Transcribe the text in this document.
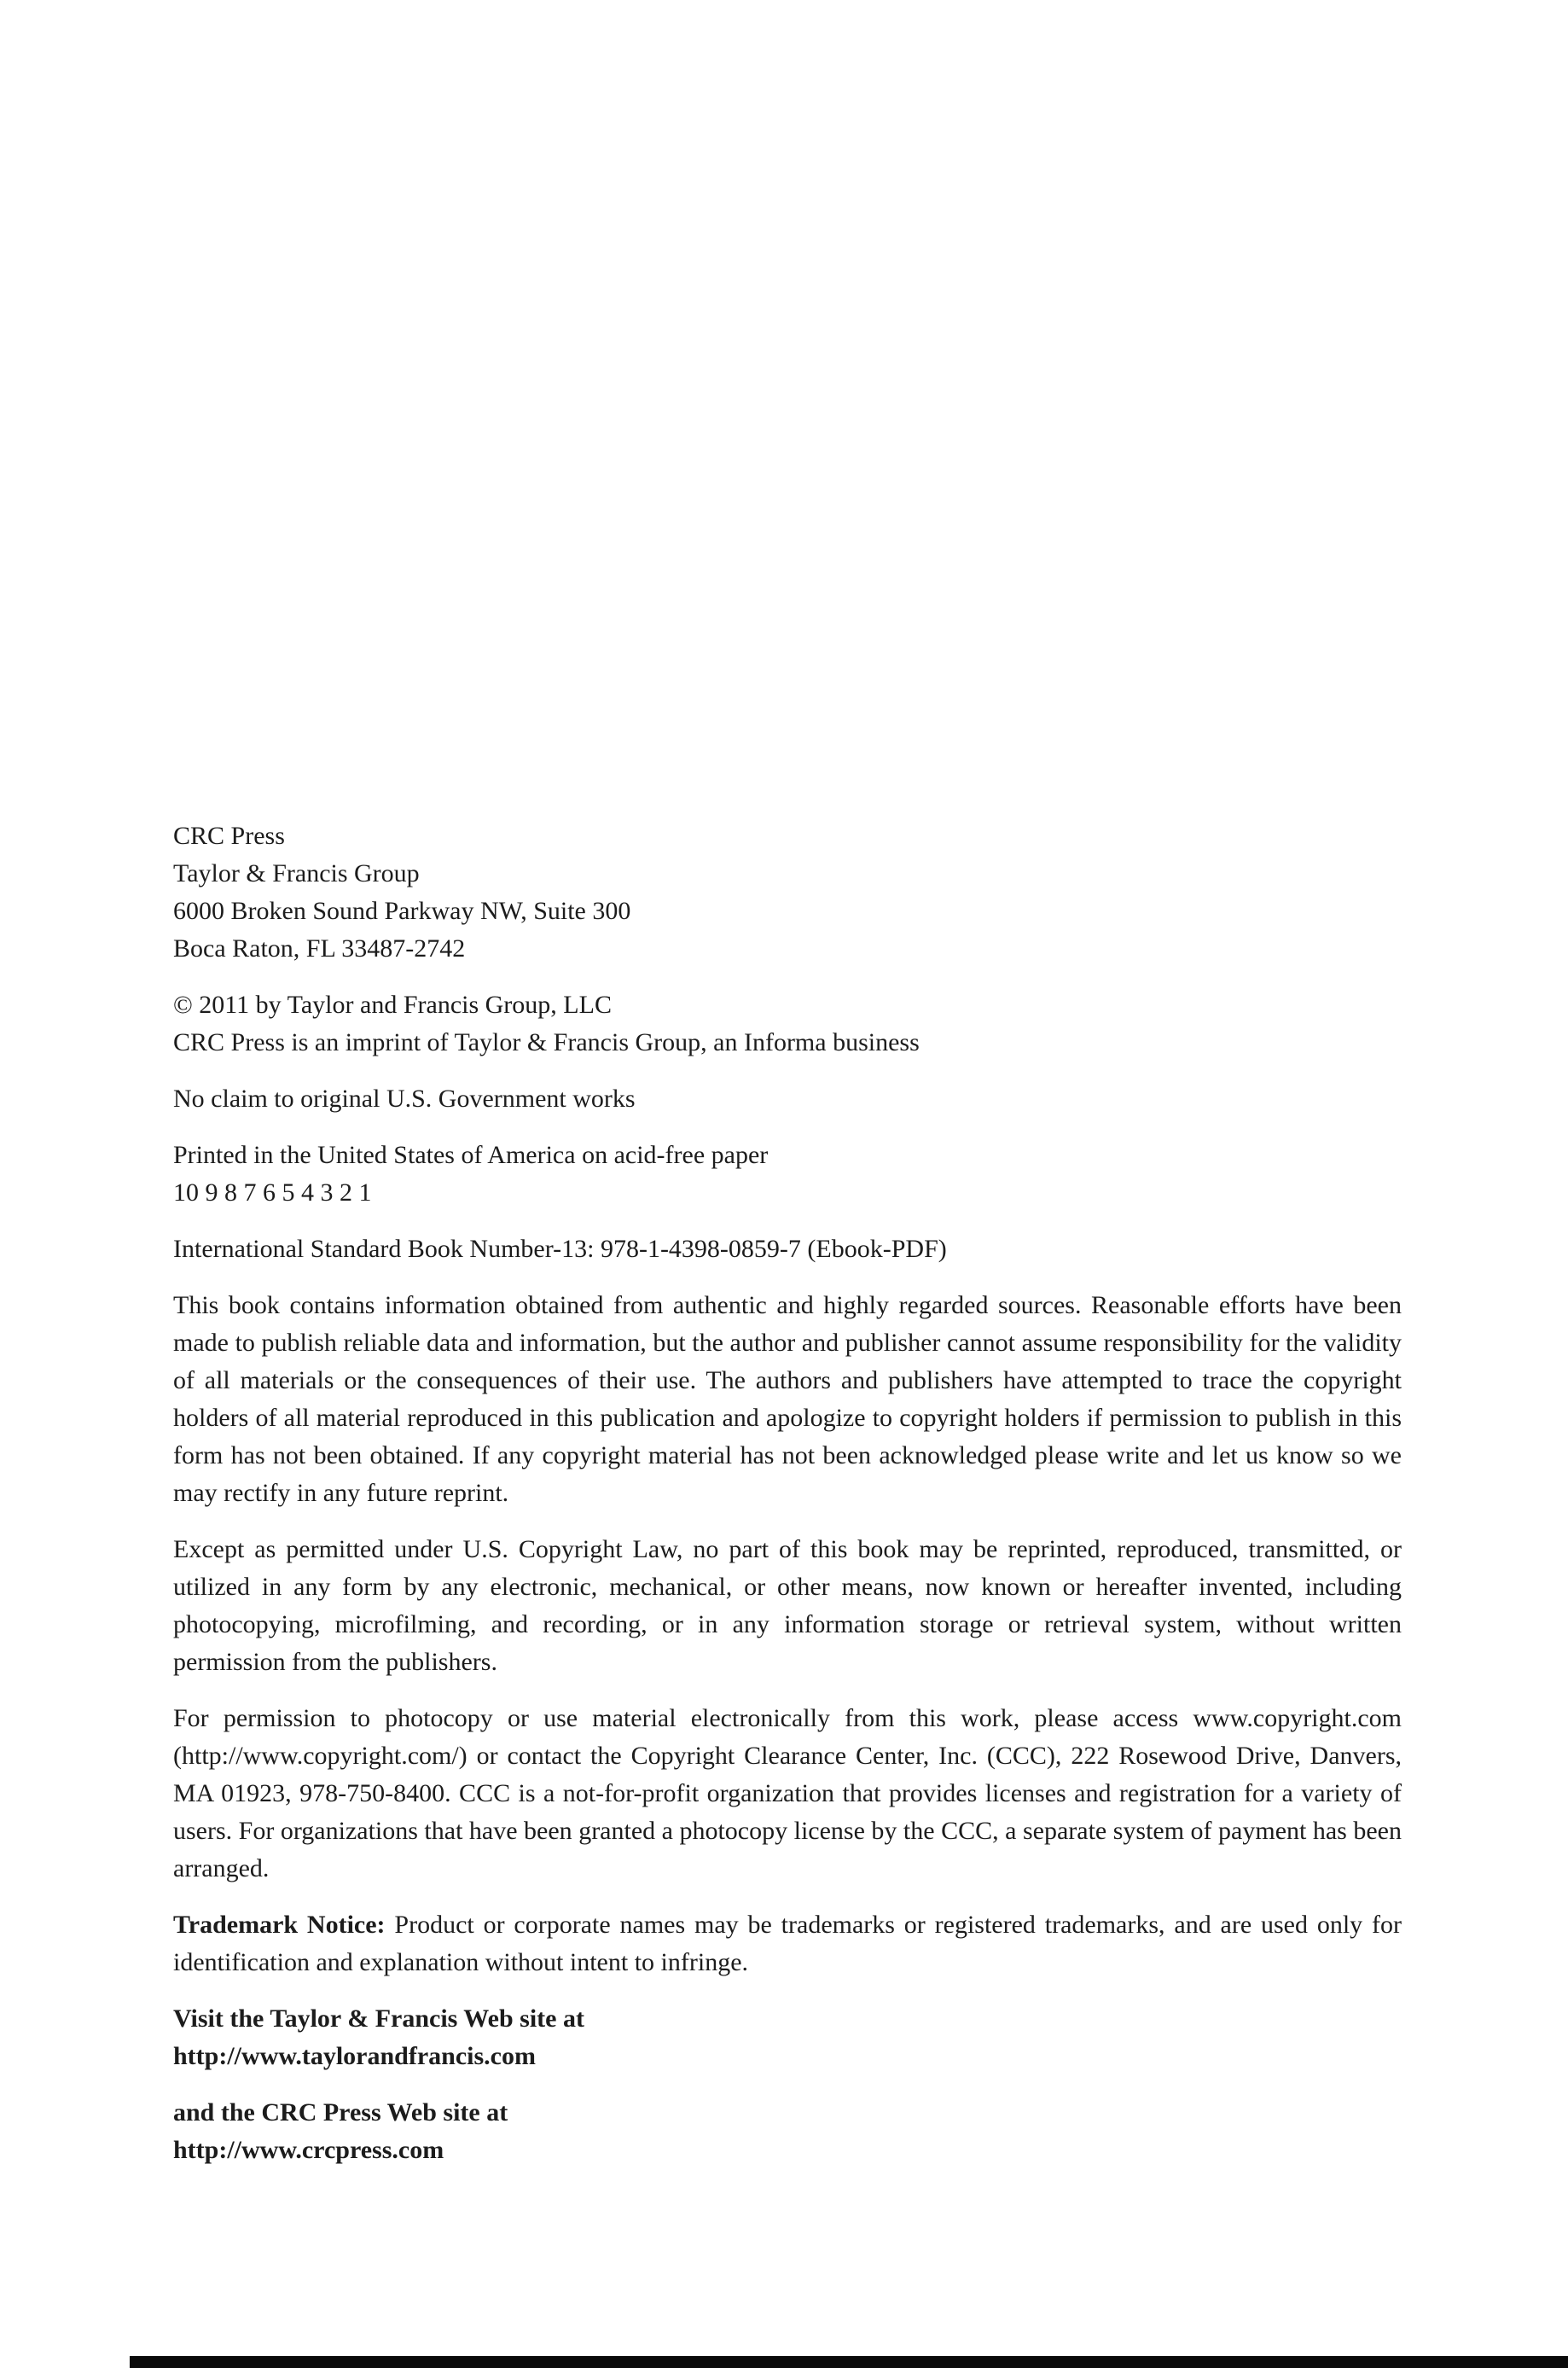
CRC Press
Taylor & Francis Group
6000 Broken Sound Parkway NW, Suite 300
Boca Raton, FL 33487-2742
© 2011 by Taylor and Francis Group, LLC
CRC Press is an imprint of Taylor & Francis Group, an Informa business
No claim to original U.S. Government works
Printed in the United States of America on acid-free paper
10 9 8 7 6 5 4 3 2 1
International Standard Book Number-13: 978-1-4398-0859-7 (Ebook-PDF)

This book contains information obtained from authentic and highly regarded sources. Reasonable efforts have been made to publish reliable data and information, but the author and publisher cannot assume responsibility for the validity of all materials or the consequences of their use. The authors and publishers have attempted to trace the copyright holders of all material reproduced in this publication and apologize to copyright holders if permission to publish in this form has not been obtained. If any copyright material has not been acknowledged please write and let us know so we may rectify in any future reprint.

Except as permitted under U.S. Copyright Law, no part of this book may be reprinted, reproduced, transmitted, or utilized in any form by any electronic, mechanical, or other means, now known or hereafter invented, including photocopying, microfilming, and recording, or in any information storage or retrieval system, without written permission from the publishers.

For permission to photocopy or use material electronically from this work, please access www.copyright.com (http://www.copyright.com/) or contact the Copyright Clearance Center, Inc. (CCC), 222 Rosewood Drive, Danvers, MA 01923, 978-750-8400. CCC is a not-for-profit organization that provides licenses and registration for a variety of users. For organizations that have been granted a photocopy license by the CCC, a separate system of payment has been arranged.

Trademark Notice: Product or corporate names may be trademarks or registered trademarks, and are used only for identification and explanation without intent to infringe.

Visit the Taylor & Francis Web site at
http://www.taylorandfrancis.com
and the CRC Press Web site at
http://www.crcpress.com
